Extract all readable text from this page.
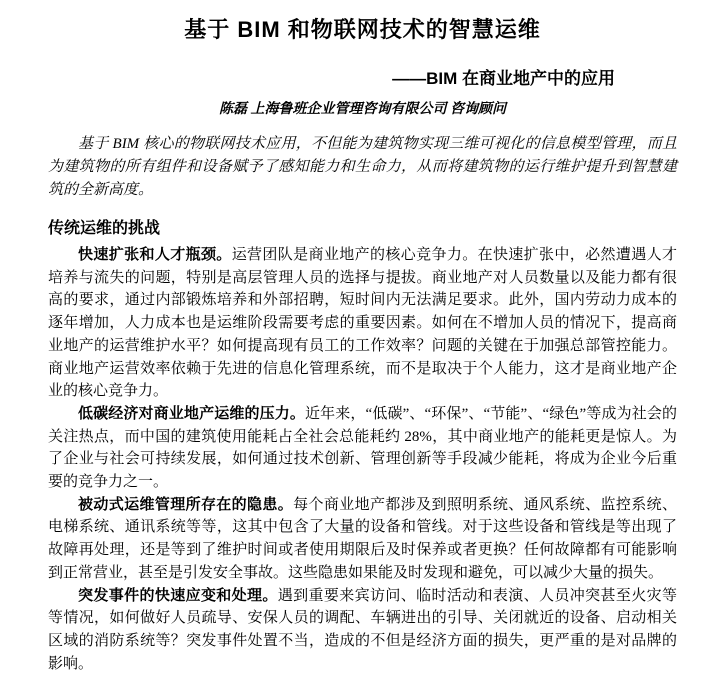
基于 BIM 和物联网技术的智慧运维
——BIM 在商业地产中的应用
陈磊 上海鲁班企业管理咨询有限公司 咨询顾问

基于 BIM 核心的物联网技术应用，不但能为建筑物实现三维可视化的信息模型管理，而且为建筑物的所有组件和设备赋予了感知能力和生命力，从而将建筑物的运行维护提升到智慧建筑的全新高度。

传统运维的挑战

快速扩张和人才瓶颈。运营团队是商业地产的核心竞争力。在快速扩张中，必然遭遇人才培养与流失的问题，特别是高层管理人员的选择与提拔。商业地产对人员数量以及能力都有很高的要求，通过内部锻炼培养和外部招聘，短时间内无法满足要求。此外，国内劳动力成本的逐年增加，人力成本也是运维阶段需要考虑的重要因素。如何在不增加人员的情况下，提高商业地产的运营维护水平？如何提高现有员工的工作效率？问题的关键在于加强总部管控能力。商业地产运营效率依赖于先进的信息化管理系统，而不是取决于个人能力，这才是商业地产企业的核心竞争力。

低碳经济对商业地产运维的压力。近年来，“低碳”、“环保”、“节能”、“绿色”等成为社会的关注热点，而中国的建筑使用能耗占全社会总能耗约 28%，其中商业地产的能耗更是惊人。为了企业与社会可持续发展，如何通过技术创新、管理创新等手段减少能耗，将成为企业今后重要的竞争力之一。

被动式运维管理所存在的隐患。每个商业地产都涉及到照明系统、通风系统、监控系统、电梯系统、通讯系统等等，这其中包含了大量的设备和管线。对于这些设备和管线是等出现了故障再处理，还是等到了维护时间或者使用期限后及时保养或者更换？任何故障都有可能影响到正常营业，甚至是引发安全事故。这些隐患如果能及时发现和避免，可以减少大量的损失。

突发事件的快速应变和处理。遇到重要来宾访问、临时活动和表演、人员冲突甚至火灾等等情况，如何做好人员疏导、安保人员的调配、车辆进出的引导、关闭就近的设备、启动相关区域的消防系统等？突发事件处置不当，造成的不但是经济方面的损失，更严重的是对品牌的影响。
